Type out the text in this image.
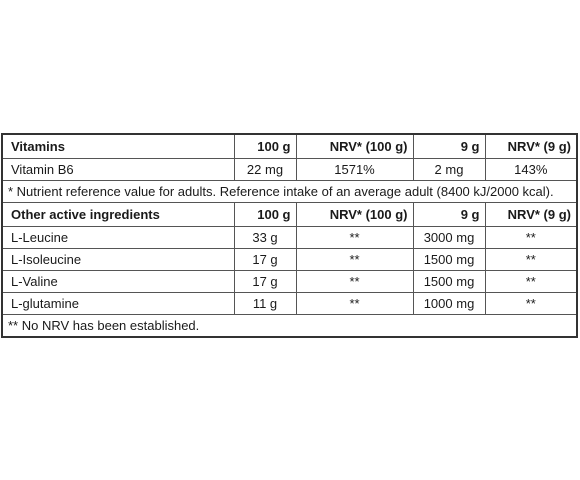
Vitamins	100 g	NRV* (100 g)	9 g	NRV* (9 g)
Vitamin B6	22 mg	1571%	2 mg	143%
* Nutrient reference value for adults. Reference intake of an average adult (8400 kJ/2000 kcal).				
Other active ingredients	100 g	NRV* (100 g)	9 g	NRV* (9 g)
L-Leucine	33 g	**	3000 mg	**
L-Isoleucine	17 g	**	1500 mg	**
L-Valine	17 g	**	1500 mg	**
L-glutamine	11 g	**	1000 mg	**
** No NRV has been established.				
